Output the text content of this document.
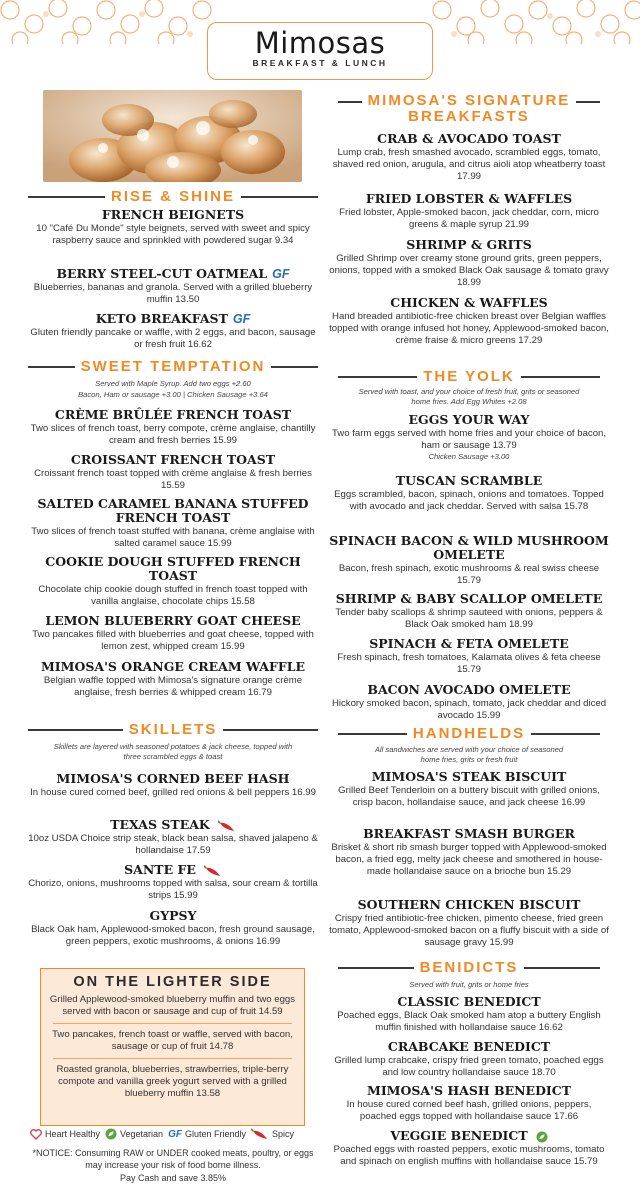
Mimosas
BREAKFAST & LUNCH
RISE & SHINE
FRENCH BEIGNETS
10 "Café Du Monde" style beignets, served with sweet and spicy raspberry sauce and sprinkled with powdered sugar 9.34
BERRY STEEL-CUT OATMEAL GF
Blueberries, bananas and granola. Served with a grilled blueberry muffin 13.50
KETO BREAKFAST GF
Gluten friendly pancake or waffle, with 2 eggs, and bacon, sausage or fresh fruit 16.62
SWEET TEMPTATION
Served with Maple Syrup. Add two eggs +2.60
Bacon, Ham or sausage +3.00 | Chicken Sausage +3.64
CRÈME BRÛLÉE FRENCH TOAST
Two slices of french toast, berry compote, crème anglaise, chantilly cream and fresh berries 15.99
CROISSANT FRENCH TOAST
Croissant french toast topped with crème anglaise & fresh berries 15.59
SALTED CARAMEL BANANA STUFFED FRENCH TOAST
Two slices of french toast stuffed with banana, crème anglaise with salted caramel sauce 15.99
COOKIE DOUGH STUFFED FRENCH TOAST
Chocolate chip cookie dough stuffed in french toast topped with vanilla anglaise, chocolate chips 15.58
LEMON BLUEBERRY GOAT CHEESE
Two pancakes filled with blueberries and goat cheese, topped with lemon zest, whipped cream 15.99
MIMOSA'S ORANGE CREAM WAFFLE
Belgian waffle topped with Mimosa's signature orange crème anglaise, fresh berries & whipped cream 16.79
SKILLETS
Skillets are layered with seasoned potatoes & jack cheese, topped with three scrambled eggs & toast
MIMOSA'S CORNED BEEF HASH
In house cured corned beef, grilled red onions & bell peppers 16.99
TEXAS STEAK
10oz USDA Choice strip steak, black bean salsa, shaved jalapeno & hollandaise 17.59
SANTE FE
Chorizo, onions, mushrooms topped with salsa, sour cream & tortilla strips 15.99
GYPSY
Black Oak ham, Applewood-smoked bacon, fresh ground sausage, green peppers, exotic mushrooms, & onions 16.99
ON THE LIGHTER SIDE
Grilled Applewood-smoked blueberry muffin and two eggs served with bacon or sausage and cup of fruit 14.59
Two pancakes, french toast or waffle, served with bacon, sausage or cup of fruit 14.78
Roasted granola, blueberries, strawberries, triple-berry compote and vanilla greek yogurt served with a grilled blueberry muffin 13.58
Heart Healthy Vegetarian GF Gluten Friendly	Spicy
*NOTICE: Consuming RAW or UNDER cooked meats, poultry, or eggs may increase your risk of food borne illness.
Pay Cash and save 3.85%
MIMOSA'S SIGNATURE
BREAKFASTS
CRAB & AVOCADO TOAST
Lump crab, fresh smashed avocado, scrambled eggs, tomato, shaved red onion, arugula, and citrus aioli atop wheatberry toast 17.99
FRIED LOBSTER & WAFFLES
Fried lobster, Apple-smoked bacon, jack cheddar, corn, micro greens & maple syrup 21.99
SHRIMP & GRITS
Grilled Shrimp over creamy stone ground grits, green peppers, onions, topped with a smoked Black Oak sausage & tomato gravy 18.99
CHICKEN & WAFFLES
Hand breaded antibiotic-free chicken breast over Belgian waffles topped with orange infused hot honey, Applewood-smoked bacon, crème fraise & micro greens 17.29
THE YOLK
Served with toast, and your choice of fresh fruit, grits or seasoned home fries. Add Egg Whites +2.08
EGGS YOUR WAY
Two farm eggs served with home fries and your choice of bacon, ham or sausage 13.79
Chicken Sausage +3.00
TUSCAN SCRAMBLE
Eggs scrambled, bacon, spinach, onions and tomatoes. Topped with avocado and jack cheddar. Served with salsa 15.78
SPINACH BACON & WILD MUSHROOM OMELETE
Bacon, fresh spinach, exotic mushrooms & real swiss cheese 15.79
SHRIMP & BABY SCALLOP OMELETE
Tender baby scallops & shrimp sauteed with onions, peppers & Black Oak smoked ham 18.99
SPINACH & FETA OMELETE
Fresh spinach, fresh tomatoes, Kalamata olives & feta cheese 15.79
BACON AVOCADO OMELETE
Hickory smoked bacon, spinach, tomato, jack cheddar and diced avocado 15.99
HANDHELDS
All sandwiches are served with your choice of seasoned home fries, grits or fresh fruit
MIMOSA'S STEAK BISCUIT
Grilled Beef Tenderloin on a buttery biscuit with grilled onions, crisp bacon, hollandaise sauce, and jack cheese 16.99
BREAKFAST SMASH BURGER
Brisket & short rib smash burger topped with Applewood-smoked bacon, a fried egg, melty jack cheese and smothered in house-made hollandaise sauce on a brioche bun 15.29
SOUTHERN CHICKEN BISCUIT
Crispy fried antibiotic-free chicken, pimento cheese, fried green tomato, Applewood-smoked bacon on a fluffy biscuit with a side of sausage gravy 15.99
BENIDICTS
Served with fruit, grits or home fries
CLASSIC BENEDICT
Poached eggs, Black Oak smoked ham atop a buttery English muffin finished with hollandaise sauce 16.62
CRABCAKE BENEDICT
Grilled lump crabcake, crispy fried green tomato, poached eggs and low country hollandaise sauce 18.70
MIMOSA'S HASH BENEDICT
In house cured corned beef hash, grilled onions, peppers, poached eggs topped with hollandaise sauce 17.66
VEGGIE BENEDICT
Poached eggs with roasted peppers, exotic mushrooms, tomato and spinach on english muffins with hollandaise sauce 15.79
